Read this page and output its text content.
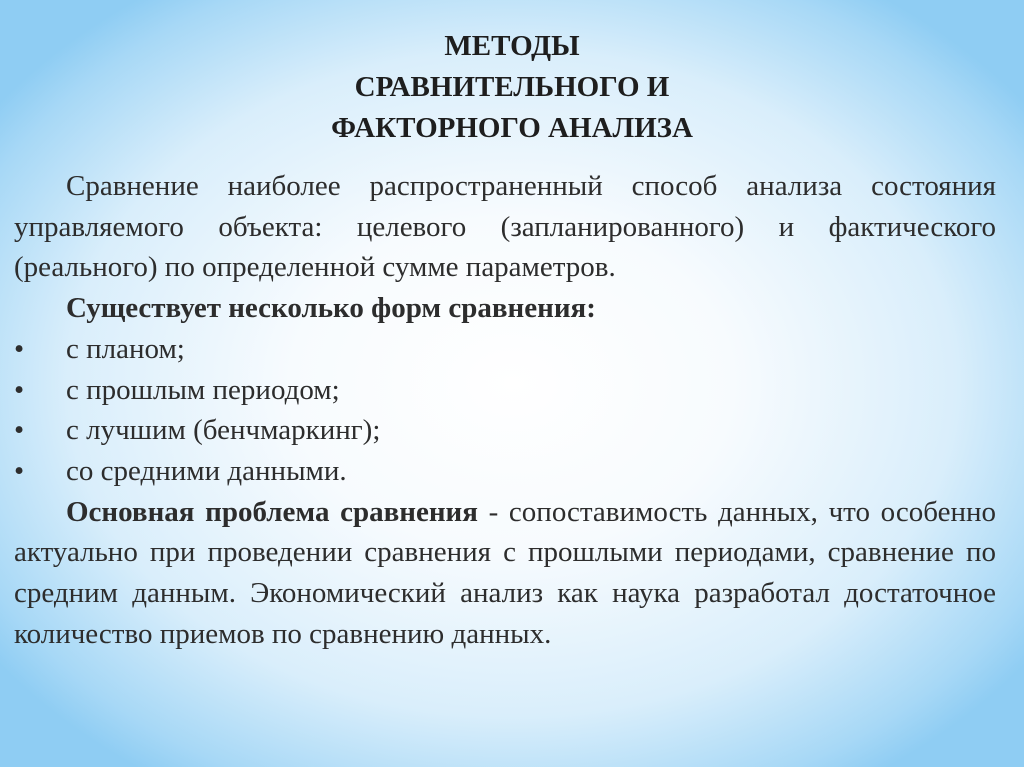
МЕТОДЫ
СРАВНИТЕЛЬНОГО И
ФАКТОРНОГО АНАЛИЗА

Сравнение наиболее распространенный способ анализа состояния управляемого объекта: целевого (запланированного) и фактического (реального) по определенной сумме параметров.

Существует несколько форм сравнения:

•	с планом;
•	с прошлым периодом;
•	с лучшим (бенчмаркинг);
•	со средними данными.

Основная проблема сравнения - сопоставимость данных, что особенно актуально при проведении сравнения с прошлыми периодами, сравнение по средним данным. Экономический анализ как наука разработал достаточное количество приемов по сравнению данных.
